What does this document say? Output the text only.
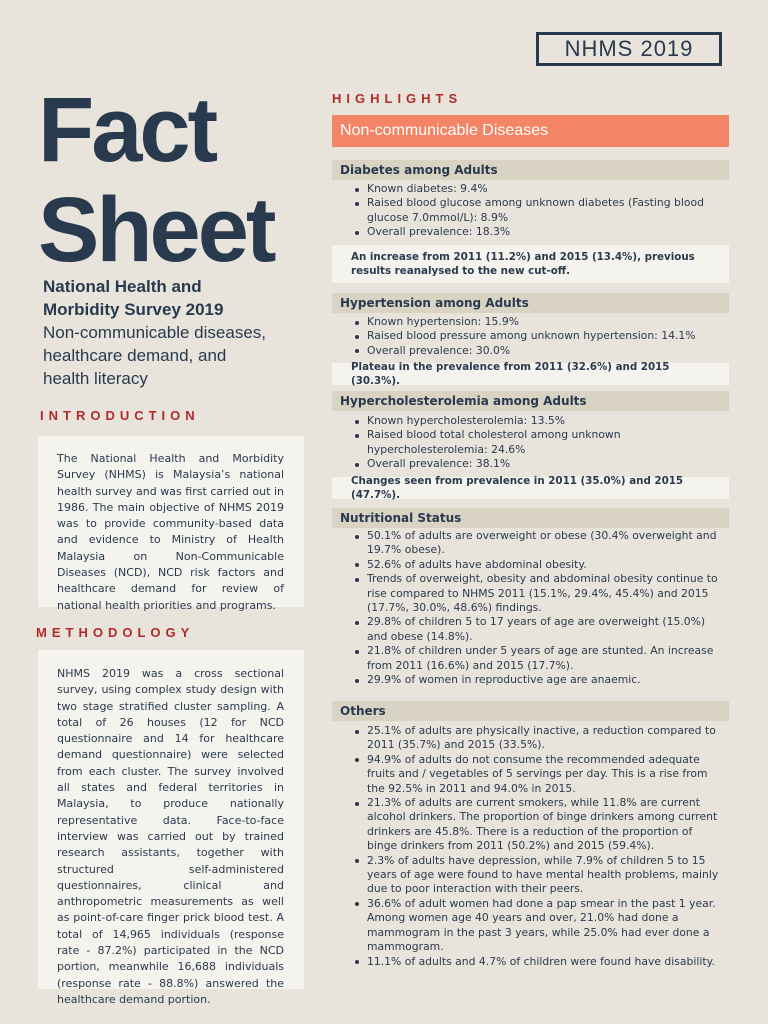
NHMS 2019
Fact
Sheet
National Health and
Morbidity Survey 2019
Non-communicable diseases,
healthcare demand, and
health literacy
INTRODUCTION

The National Health and Morbidity Survey (NHMS) is Malaysia’s national health survey and was first carried out in 1986. The main objective of NHMS 2019 was to provide community-based data and evidence to Ministry of Health Malaysia on Non-Communicable Diseases (NCD), NCD risk factors and healthcare demand for review of national health priorities and programs.

METHODOLOGY

NHMS 2019 was a cross sectional survey, using complex study design with two stage stratified cluster sampling. A total of 26 houses (12 for NCD questionnaire and 14 for healthcare demand questionnaire) were selected from each cluster. The survey involved all states and federal territories in Malaysia, to produce nationally representative data. Face-to-face interview was carried out by trained research assistants, together with structured self-administered questionnaires, clinical and anthropometric measurements as well as point-of-care finger prick blood test. A total of 14,965 individuals (response rate - 87.2%) participated in the NCD portion, meanwhile 16,688 individuals (response rate - 88.8%) answered the healthcare demand portion.

HIGHLIGHTS
Non-communicable Diseases
Diabetes among Adults
Known diabetes: 9.4%
Raised blood glucose among unknown diabetes (Fasting blood glucose 7.0mmol/L): 8.9%
Overall prevalence: 18.3%
An increase from 2011 (11.2%) and 2015 (13.4%), previous results reanalysed to the new cut-off.
Hypertension among Adults
Known hypertension: 15.9%
Raised blood pressure among unknown hypertension: 14.1%
Overall prevalence: 30.0%
Plateau in the prevalence from 2011 (32.6%) and 2015 (30.3%).
Hypercholesterolemia among Adults
Known hypercholesterolemia: 13.5%
Raised blood total cholesterol among unknown hypercholesterolemia: 24.6%
Overall prevalence: 38.1%
Changes seen from prevalence in 2011 (35.0%) and 2015 (47.7%).
Nutritional Status
50.1% of adults are overweight or obese (30.4% overweight and 19.7% obese).
52.6% of adults have abdominal obesity.
Trends of overweight, obesity and abdominal obesity continue to rise compared to NHMS 2011 (15.1%, 29.4%, 45.4%) and 2015 (17.7%, 30.0%, 48.6%) findings.
29.8% of children 5 to 17 years of age are overweight (15.0%) and obese (14.8%).
21.8% of children under 5 years of age are stunted. An increase from 2011 (16.6%) and 2015 (17.7%).
29.9% of women in reproductive age are anaemic.
Others
25.1% of adults are physically inactive, a reduction compared to 2011 (35.7%) and 2015 (33.5%).
94.9% of adults do not consume the recommended adequate fruits and / vegetables of 5 servings per day. This is a rise from the 92.5% in 2011 and 94.0% in 2015.
21.3% of adults are current smokers, while 11.8% are current alcohol drinkers. The proportion of binge drinkers among current drinkers are 45.8%. There is a reduction of the proportion of binge drinkers from 2011 (50.2%) and 2015 (59.4%).
2.3% of adults have depression, while 7.9% of children 5 to 15 years of age were found to have mental health problems, mainly due to poor interaction with their peers.
36.6% of adult women had done a pap smear in the past 1 year. Among women age 40 years and over, 21.0% had done a mammogram in the past 3 years, while 25.0% had ever done a mammogram.
11.1% of adults and 4.7% of children were found have disability.
